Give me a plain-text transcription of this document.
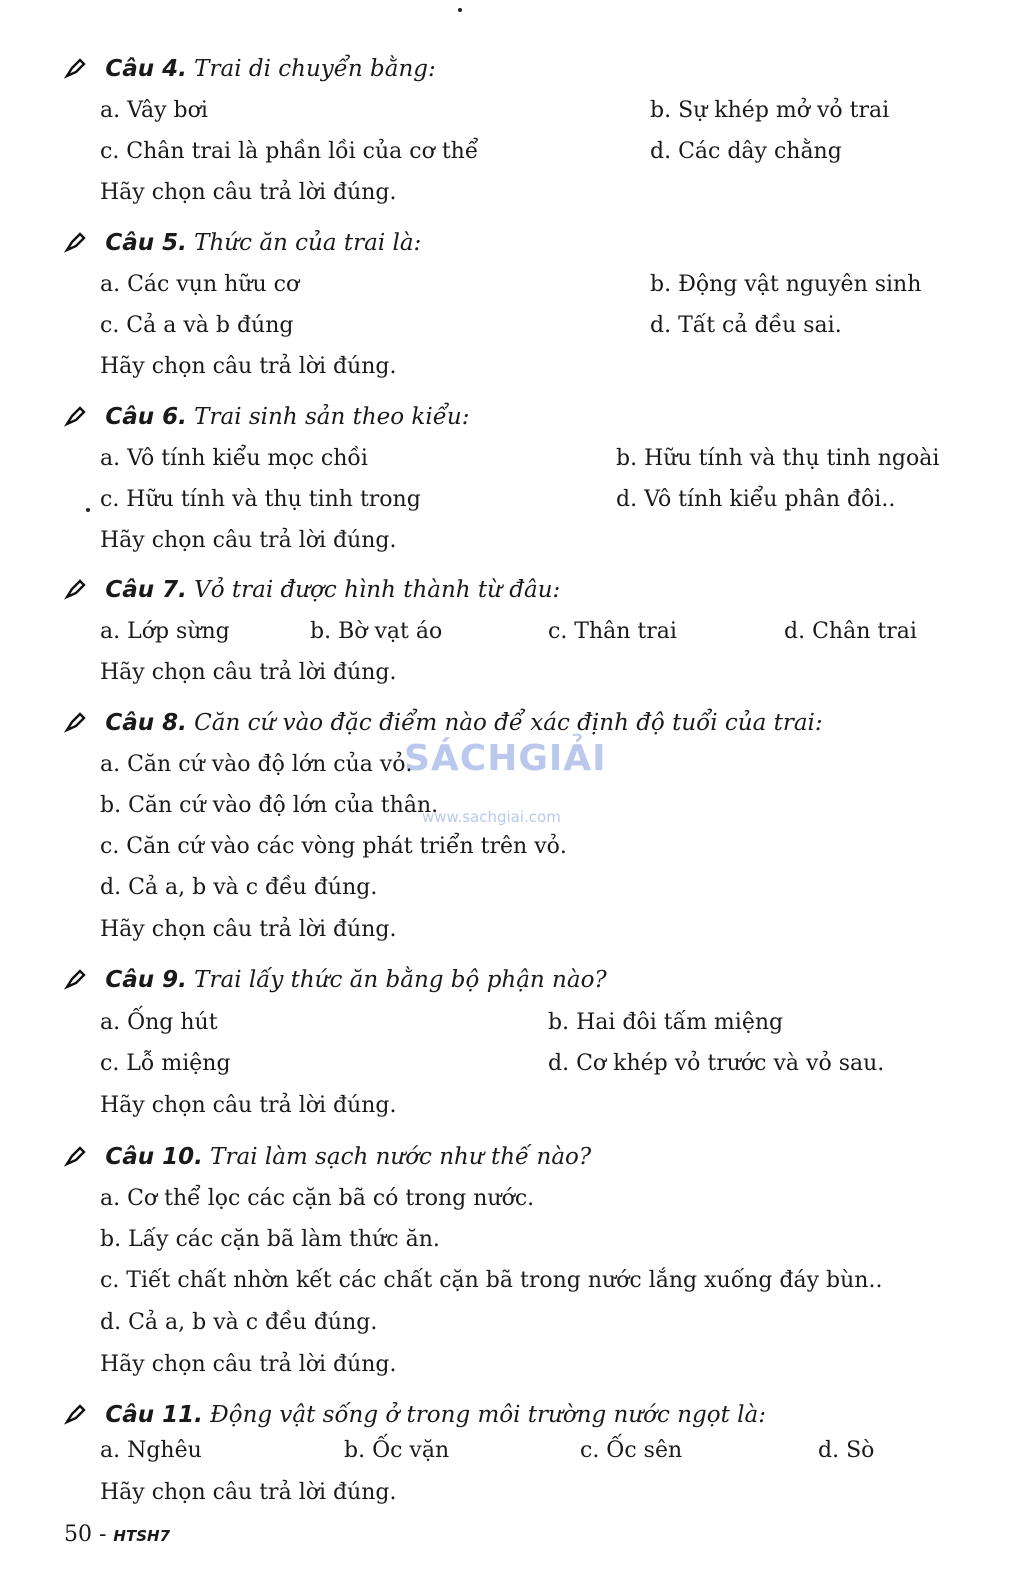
Câu 4. Trai di chuyển bằng:
a. Vây bơi	b. Sự khép mở vỏ trai
c. Chân trai là phần lồi của cơ thể	d. Các dây chằng
Hãy chọn câu trả lời đúng.
Câu 5. Thức ăn của trai là:
a. Các vụn hữu cơ	b. Động vật nguyên sinh
c. Cả a và b đúng	d. Tất cả đều sai.
Hãy chọn câu trả lời đúng.
Câu 6. Trai sinh sản theo kiểu:
a. Vô tính kiểu mọc chồi	b. Hữu tính và thụ tinh ngoài
c. Hữu tính và thụ tinh trong	d. Vô tính kiểu phân đôi..
Hãy chọn câu trả lời đúng.
Câu 7. Vỏ trai được hình thành từ đâu:
a. Lớp sừng	b. Bờ vạt áo	c. Thân trai	d. Chân trai
Hãy chọn câu trả lời đúng.
Câu 8. Căn cứ vào đặc điểm nào để xác định độ tuổi của trai:
SÁCHGIẢI
www.sachgiai.com
a. Căn cứ vào độ lớn của vỏ.
b. Căn cứ vào độ lớn của thân.
c. Căn cứ vào các vòng phát triển trên vỏ.
d. Cả a, b và c đều đúng.
Hãy chọn câu trả lời đúng.
Câu 9. Trai lấy thức ăn bằng bộ phận nào?
a. Ống hút	b. Hai đôi tấm miệng
c. Lỗ miệng	d. Cơ khép vỏ trước và vỏ sau.
Hãy chọn câu trả lời đúng.
Câu 10. Trai làm sạch nước như thế nào?
a. Cơ thể lọc các cặn bã có trong nước.
b. Lấy các cặn bã làm thức ăn.
c. Tiết chất nhờn kết các chất cặn bã trong nước lắng xuống đáy bùn..
d. Cả a, b và c đều đúng.
Hãy chọn câu trả lời đúng.
Câu 11. Động vật sống ở trong môi trường nước ngọt là:
a. Nghêu	b. Ốc vặn	c. Ốc sên	d. Sò
Hãy chọn câu trả lời đúng.
50 - HTSH7
